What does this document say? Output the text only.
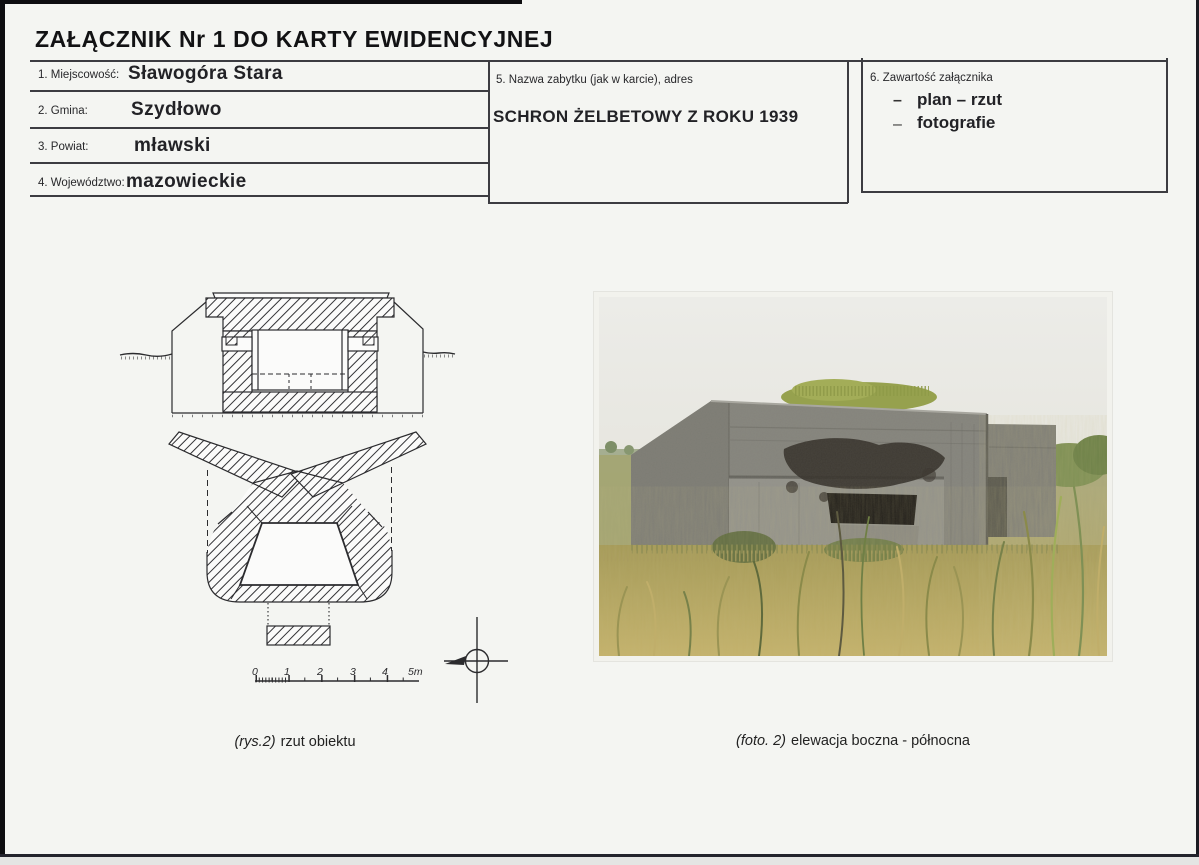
ZAŁĄCZNIK Nr 1 DO KARTY EWIDENCYJNEJ
1. Miejscowość: Sławogóra Stara
2. Gmina: Szydłowo
3. Powiat: mławski
4. Województwo: mazowieckie
5. Nazwa zabytku (jak w karcie), adres
SCHRON ŻELBETOWY Z ROKU 1939
6. Zawartość załącznika
– plan – rzut
– fotografie
0 1	2	3 4 5m
(rys.2) rzut obiektu	(foto. 2) elewacja boczna - północna
